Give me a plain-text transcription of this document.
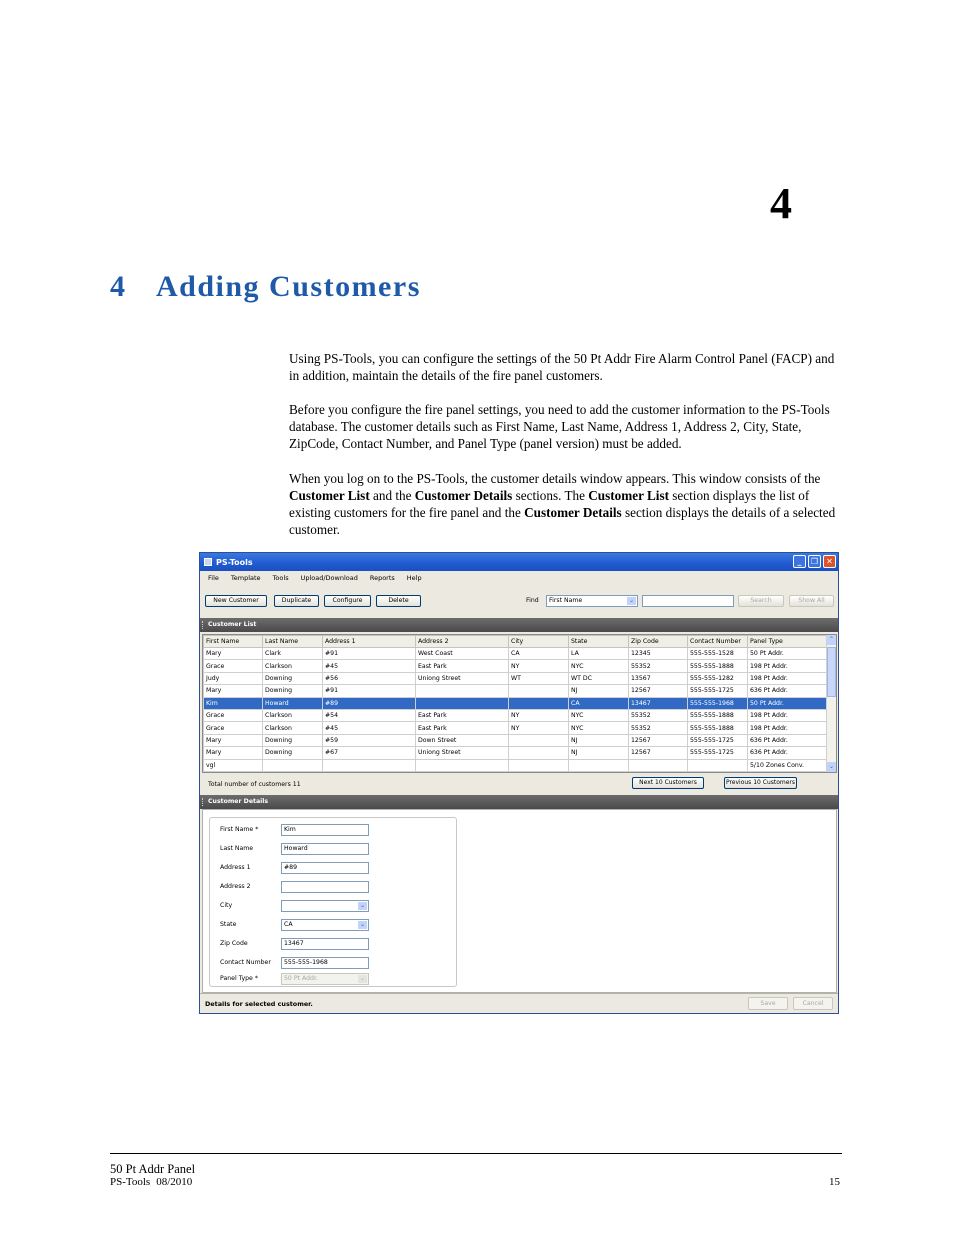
4
4 Adding Customers

Using PS-Tools, you can configure the settings of the 50 Pt Addr Fire Alarm Control Panel (FACP) and in addition, maintain the details of the fire panel customers.

Before you configure the fire panel settings, you need to add the customer information to the PS-Tools database. The customer details such as First Name, Last Name, Address 1, Address 2, City, State, ZipCode, Contact Number, and Panel Type (panel version) must be added.

When you log on to the PS-Tools, the customer details window appears. This window consists of the Customer List and the Customer Details sections. The Customer List section displays the list of existing customers for the fire panel and the Customer Details section displays the details of a selected customer.

PS-Tools	_	❐	✕
File Template Tools Upload/Download Reports Help
New Customer	Duplicate	Configure	Delete	Find	First Name	⌄	Search	Show All
Customer List
First Name	Last Name	Address 1	Address 2	City	State	Zip Code	Contact Number	Panel Type
Mary	Clark	#91	West Coast	CA	LA	12345	555-555-1528	50 Pt Addr.
Grace	Clarkson	#45	East Park	NY	NYC	55352	555-555-1888	198 Pt Addr.
Judy	Downing	#56	Uniong Street	WT	WT DC	13567	555-555-1282	198 Pt Addr.
Mary	Downing	#91			NJ	12567	555-555-1725	636 Pt Addr.
Kim	Howard	#89			CA	13467	555-555-1968	50 Pt Addr.
Grace	Clarkson	#54	East Park	NY	NYC	55352	555-555-1888	198 Pt Addr.
Grace	Clarkson	#45	East Park	NY	NYC	55352	555-555-1888	198 Pt Addr.
Mary	Downing	#59	Down Street		NJ	12567	555-555-1725	636 Pt Addr.
Mary	Downing	#67	Uniong Street		NJ	12567	555-555-1725	636 Pt Addr.
vgl								5/10 Zones Conv.
⌃
⌄
Total number of customers 11	Next 10 Customers	Previous 10 Customers
Customer Details
First Name *	Kim
Last Name	Howard
Address 1	#89
Address 2
City	⌄
State	CA	⌄
Zip Code	13467
Contact Number	555-555-1968
Panel Type *	50 Pt Addr.	⌄
Details for selected customer.	Save	Cancel
50 Pt Addr Panel
PS-Tools 08/2010	15
